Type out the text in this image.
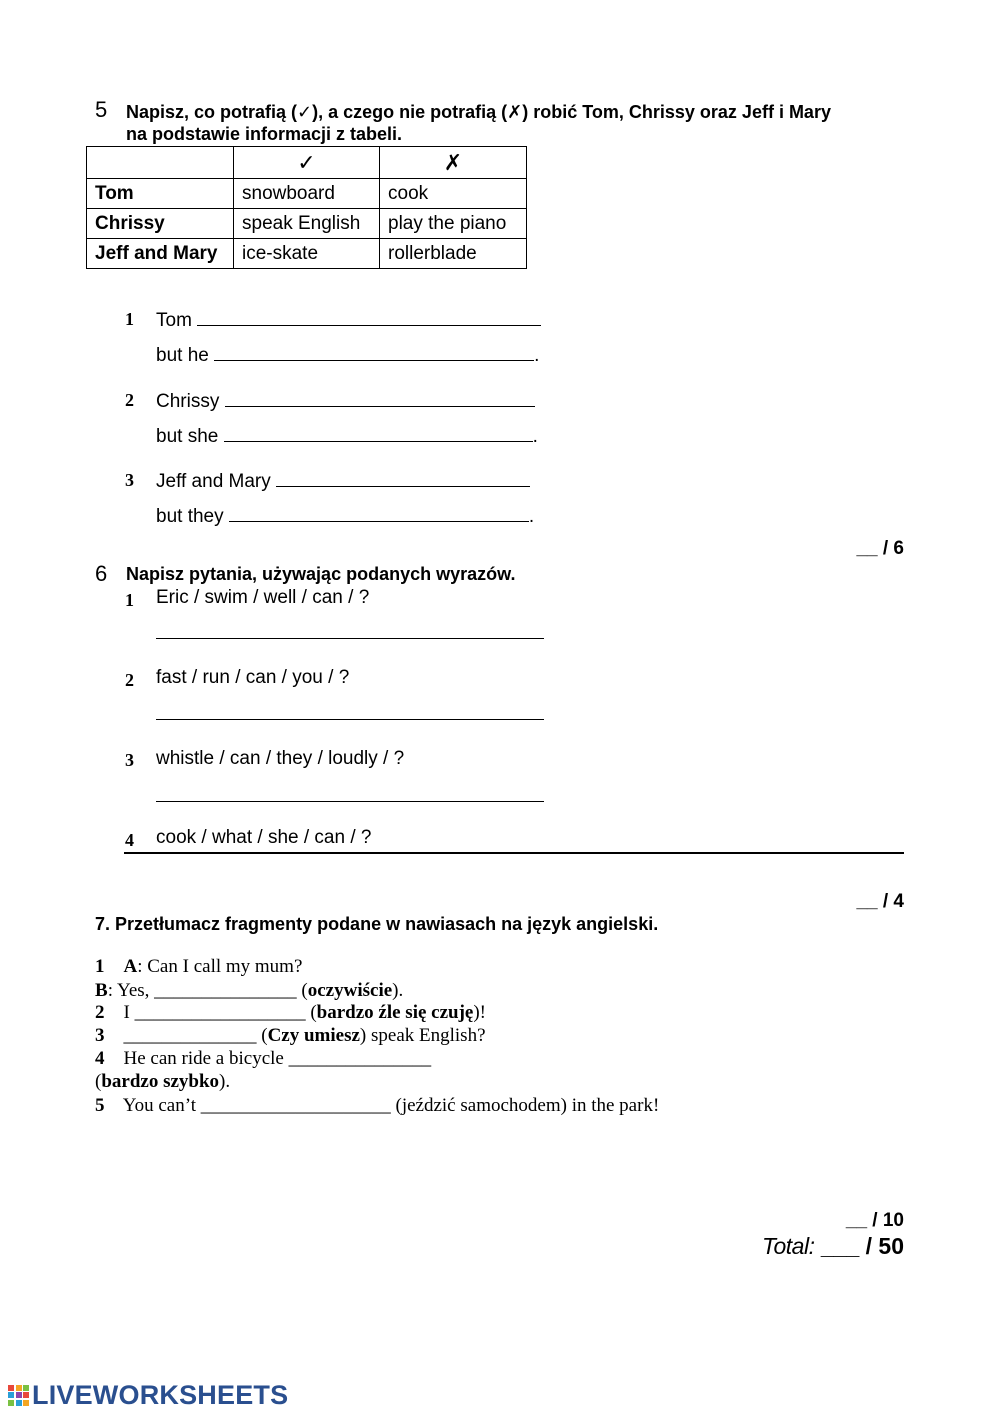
5 Napisz, co potrafią (✓), a czego nie potrafią (✗) robić Tom, Chrissy oraz Jeff i Mary
na podstawie informacji z tabeli.
	✓	✗
Tom	snowboard	cook
Chrissy	speak English	play the piano
Jeff and Mary	ice-skate	rollerblade
1 Tom
but he	.
2 Chrissy
but she	.
3 Jeff and Mary
but they	.
__ / 6
6 Napisz pytania, używając podanych wyrazów.
1 Eric / swim / well / can / ?
2 fast / run / can / you / ?
3 whistle / can / they / loudly / ?
4 cook / what / she / can / ?
__ / 4
7. Przetłumacz fragmenty podane w nawiasach na język angielski.
1 A: Can I call my mum?
B: Yes, _______________ (oczywiście).
2 I __________________ (bardzo źle się czuję)!
3 ______________ (Czy umiesz) speak English?
4 He can ride a bicycle _______________
(bardzo szybko).
5 You can’t ____________________ (jeździć samochodem) in the park!
__ / 10
Total: ___ / 50
LIVEWORKSHEETS
